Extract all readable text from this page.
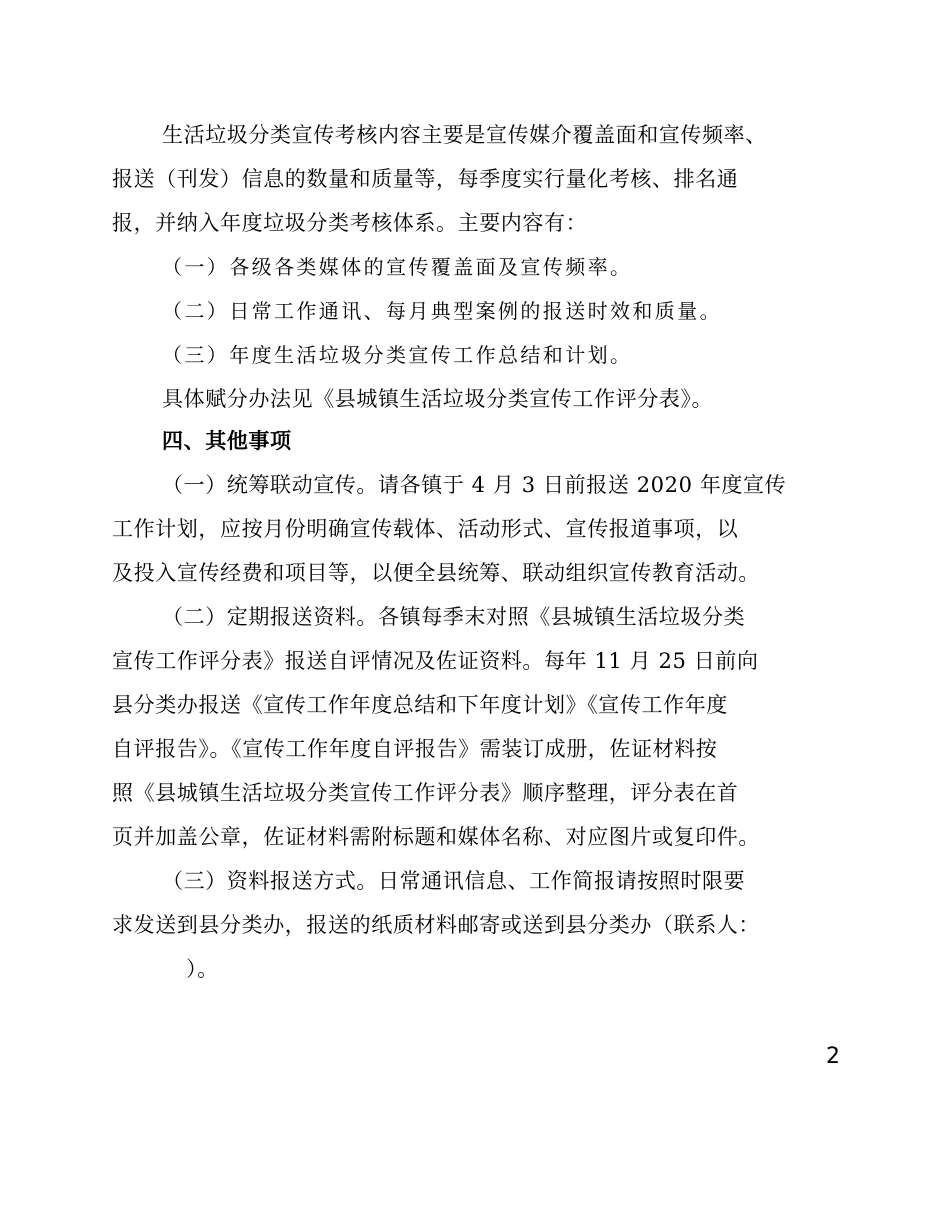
生活垃圾分类宣传考核内容主要是宣传媒介覆盖面和宣传频率、
报送（刊发）信息的数量和质量等，每季度实行量化考核、排名通
报，并纳入年度垃圾分类考核体系。主要内容有：
（一）各级各类媒体的宣传覆盖面及宣传频率。
（二）日常工作通讯、每月典型案例的报送时效和质量。
（三）年度生活垃圾分类宣传工作总结和计划。
具体赋分办法见《县城镇生活垃圾分类宣传工作评分表》。
四、其他事项
（一）统筹联动宣传。请各镇于 4 月 3 日前报送 2020 年度宣传
工作计划，应按月份明确宣传载体、活动形式、宣传报道事项，以
及投入宣传经费和项目等，以便全县统筹、联动组织宣传教育活动。
（二）定期报送资料。各镇每季末对照《县城镇生活垃圾分类
宣传工作评分表》报送自评情况及佐证资料。每年 11 月 25 日前向
县分类办报送《宣传工作年度总结和下年度计划》《宣传工作年度
自评报告》。《宣传工作年度自评报告》需装订成册，佐证材料按
照《县城镇生活垃圾分类宣传工作评分表》顺序整理，评分表在首
页并加盖公章，佐证材料需附标题和媒体名称、对应图片或复印件。
（三）资料报送方式。日常通讯信息、工作简报请按照时限要
求发送到县分类办，报送的纸质材料邮寄或送到县分类办（联系人：
）。
2
